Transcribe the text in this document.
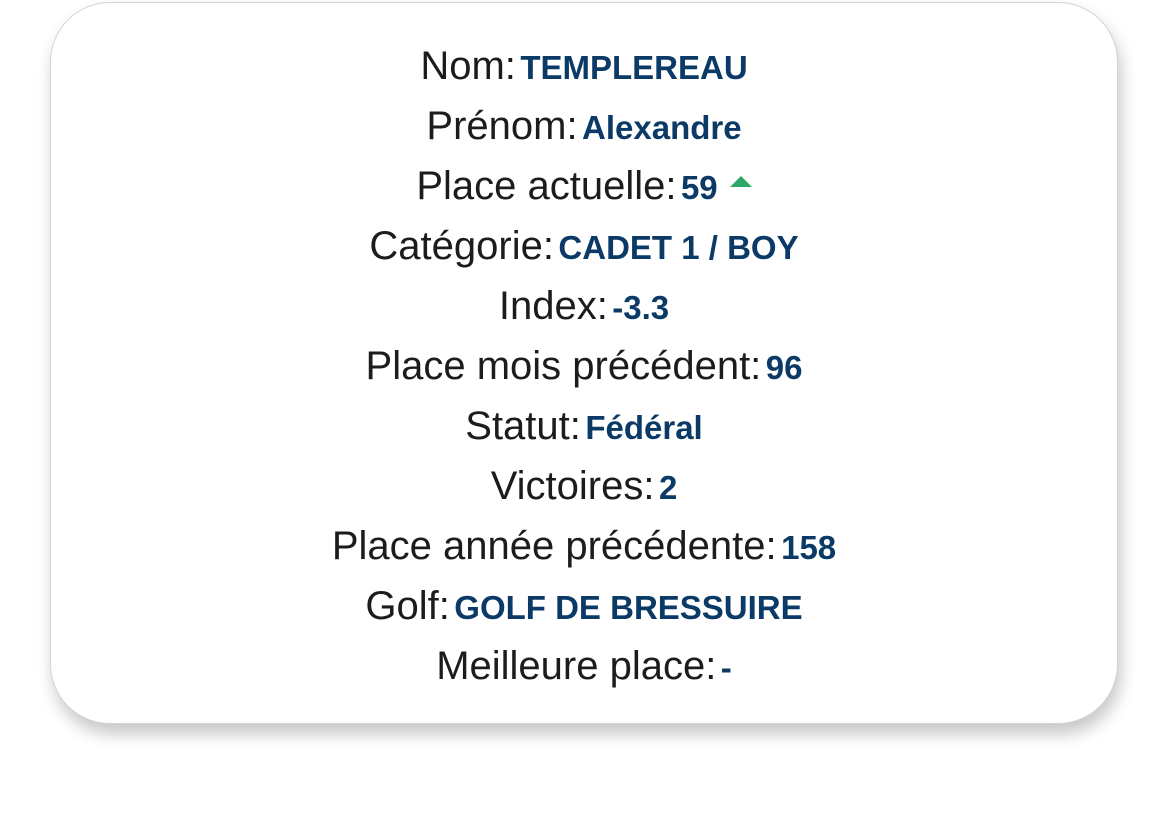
Nom: TEMPLEREAU
Prénom: Alexandre
Place actuelle: 59
Catégorie: CADET 1 / BOY
Index: -3.3
Place mois précédent: 96
Statut: Fédéral
Victoires: 2
Place année précédente: 158
Golf: GOLF DE BRESSUIRE
Meilleure place: -
